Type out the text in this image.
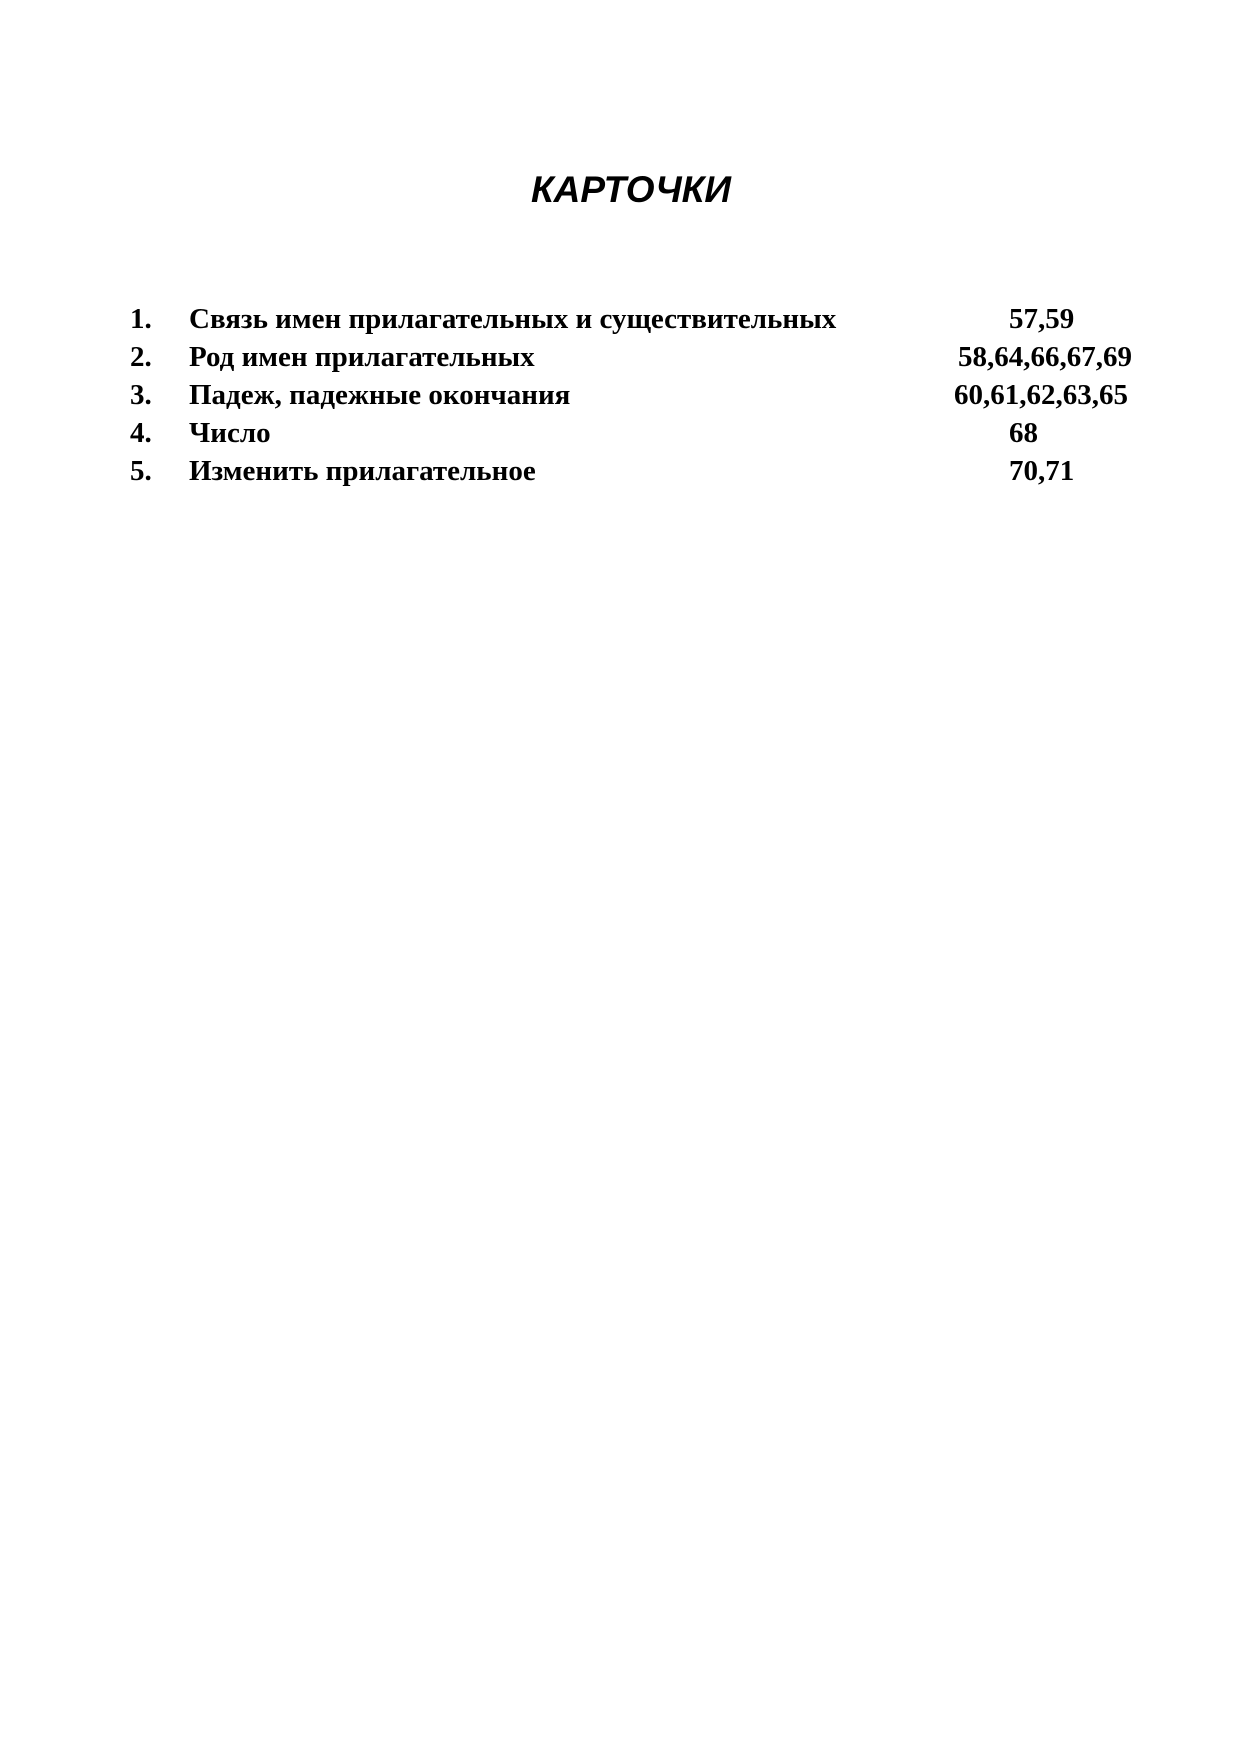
КАРТОЧКИ
1. Связь имен прилагательных и существительных	57,59
2. Род имен прилагательных	58,64,66,67,69
3. Падеж, падежные окончания	60,61,62,63,65
4. Число	68
5. Изменить прилагательное	70,71
